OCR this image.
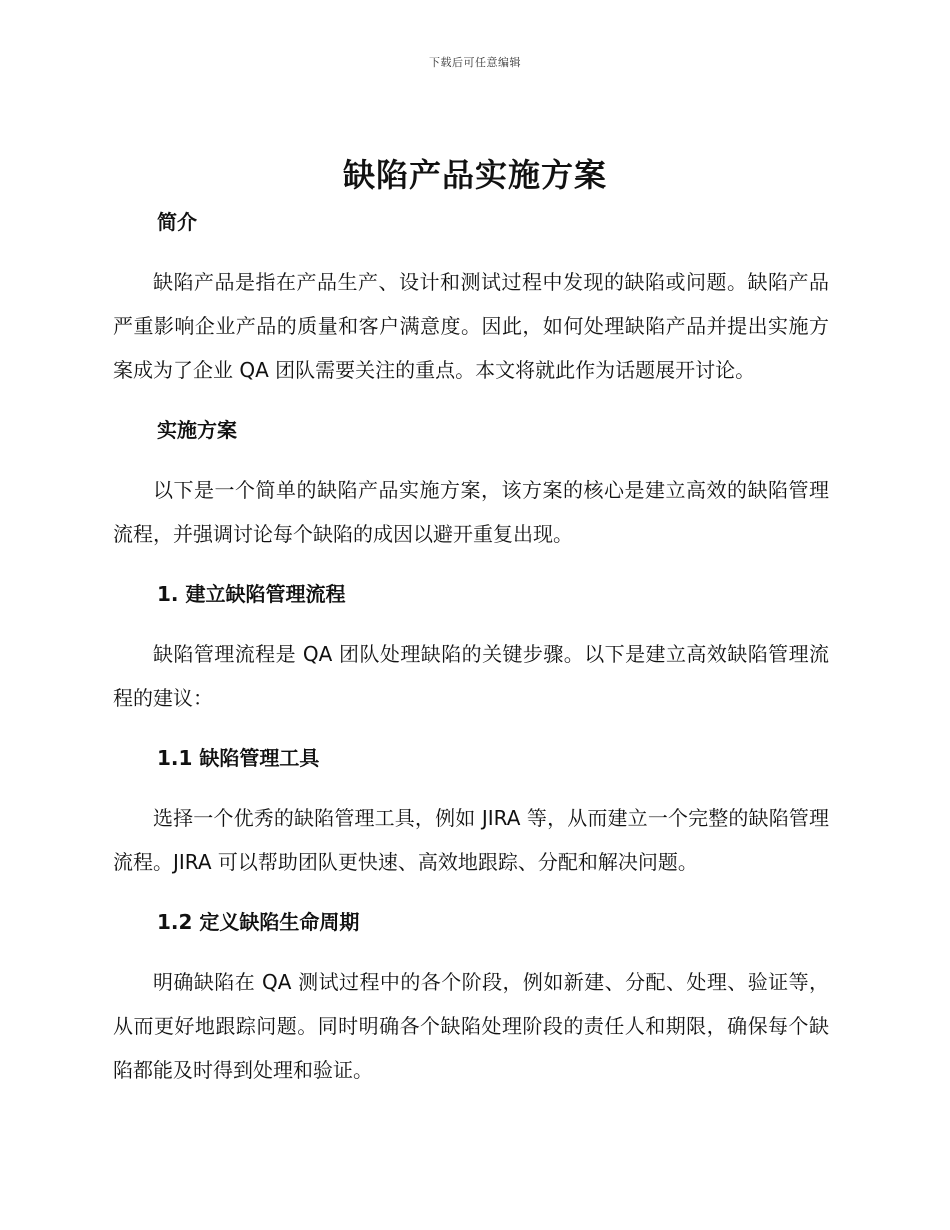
下载后可任意编辑
缺陷产品实施方案
简介

缺陷产品是指在产品生产、设计和测试过程中发现的缺陷或问题。缺陷产品严重影响企业产品的质量和客户满意度。因此，如何处理缺陷产品并提出实施方案成为了企业 QA 团队需要关注的重点。本文将就此作为话题展开讨论。

实施方案

以下是一个简单的缺陷产品实施方案，该方案的核心是建立高效的缺陷管理流程，并强调讨论每个缺陷的成因以避开重复出现。

1. 建立缺陷管理流程

缺陷管理流程是 QA 团队处理缺陷的关键步骤。以下是建立高效缺陷管理流程的建议：

1.1 缺陷管理工具

选择一个优秀的缺陷管理工具，例如 JIRA 等，从而建立一个完整的缺陷管理流程。JIRA 可以帮助团队更快速、高效地跟踪、分配和解决问题。

1.2 定义缺陷生命周期

明确缺陷在 QA 测试过程中的各个阶段，例如新建、分配、处理、验证等，从而更好地跟踪问题。同时明确各个缺陷处理阶段的责任人和期限，确保每个缺陷都能及时得到处理和验证。
